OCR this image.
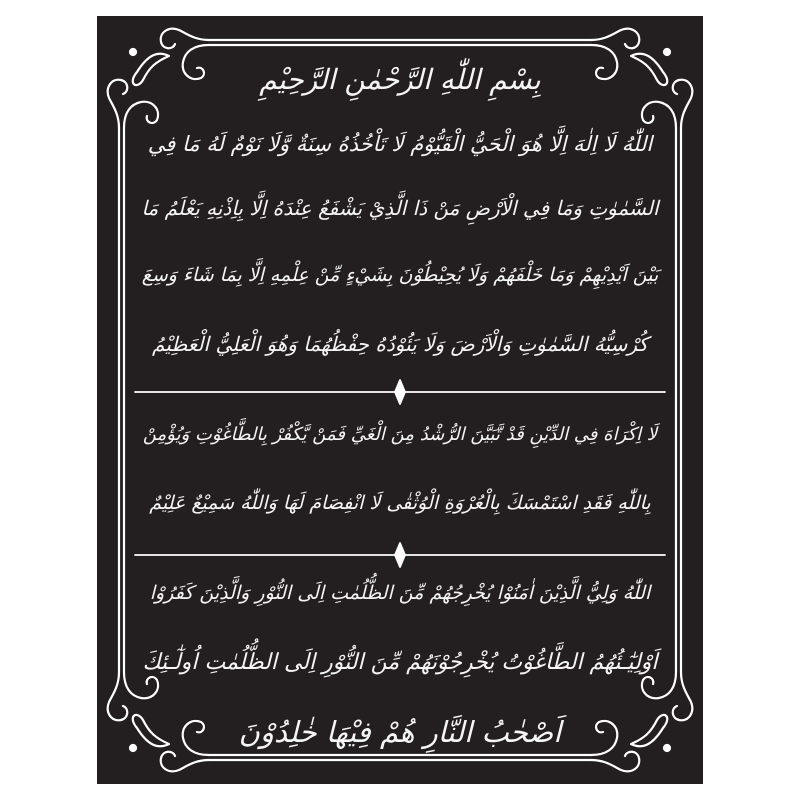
بِسْمِ اللّٰهِ الرَّحْمٰنِ الرَّحِيْمِ
اللّٰهُ لَا اِلٰهَ اِلَّا هُوَ الْحَيُّ الْقَيُّوْمُ لَا تَاْخُذُهُ سِنَةٌ وَّلَا نَوْمٌ لَهُ مَا فِي
السَّمٰوٰتِ وَمَا فِي الْاَرْضِ مَنْ ذَا الَّذِيْ يَشْفَعُ عِنْدَهُ اِلَّا بِاِذْنِهِ يَعْلَمُ مَا
بَيْنَ اَيْدِيْهِمْ وَمَا خَلْفَهُمْ وَلَا يُحِيْطُوْنَ بِشَيْءٍ مِّنْ عِلْمِهِ اِلَّا بِمَا شَاءَ وَسِعَ
كُرْسِيُّهُ السَّمٰوٰتِ وَالْاَرْضَ وَلَا يَئُوْدُهُ حِفْظُهُمَا وَهُوَ الْعَلِيُّ الْعَظِيْمُ
لَا اِكْرَاهَ فِي الدِّيْنِ قَدْ تَّبَيَّنَ الرُّشْدُ مِنَ الْغَيِّ فَمَنْ يَّكْفُرْ بِالطَّاغُوْتِ وَيُؤْمِنْ
بِاللّٰهِ فَقَدِ اسْتَمْسَكَ بِالْعُرْوَةِ الْوُثْقٰى لَا انْفِصَامَ لَهَا وَاللّٰهُ سَمِيْعٌ عَلِيْمٌ
اللّٰهُ وَلِيُّ الَّذِيْنَ اٰمَنُوْا يُخْرِجُهُمْ مِّنَ الظُّلُمٰتِ اِلَى النُّوْرِ وَالَّذِيْنَ كَفَرُوْا
اَوْلِيٰٓـئُهُمُ الطَّاغُوْتُ يُخْرِجُوْنَهُمْ مِّنَ النُّوْرِ اِلَى الظُّلُمٰتِ اُولٰٓـئِكَ
اَصْحٰبُ النَّارِ هُمْ فِيْهَا خٰلِدُوْنَ
